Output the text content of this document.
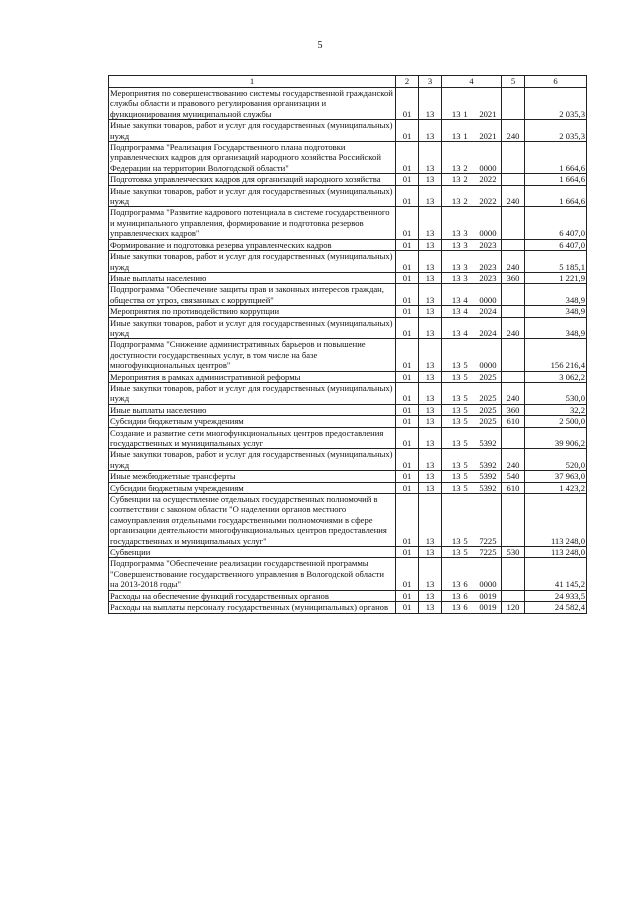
5
1	2	3	4	5	6
Мероприятия по совершенствованию системы государственной гражданской службы области и правового регулирования организации и функционирования муниципальной службы	01	13	13 1 2021		2 035,3
Иные закупки товаров, работ и услуг для государственных (муниципальных) нужд	01	13	13 1 2021	240	2 035,3
Подпрограмма "Реализация Государственного плана подготовки управленческих кадров для организаций народного хозяйства Российской Федерации на территории Вологодской области"	01	13	13 2 0000		1 664,6
Подготовка управленческих кадров для организаций народного хозяйства	01	13	13 2 2022		1 664,6
Иные закупки товаров, работ и услуг для государственных (муниципальных) нужд	01	13	13 2 2022	240	1 664,6
Подпрограмма "Развитие кадрового потенциала в системе государственного и муниципального управления, формирование и подготовка резервов управленческих кадров"	01	13	13 3 0000		6 407,0
Формирование и подготовка резерва управленческих кадров	01	13	13 3 2023		6 407,0
Иные закупки товаров, работ и услуг для государственных (муниципальных) нужд	01	13	13 3 2023	240	5 185,1
Иные выплаты населению	01	13	13 3 2023	360	1 221,9
Подпрограмма "Обеспечение защиты прав и законных интересов граждан, общества от угроз, связанных с коррупцией"	01	13	13 4 0000		348,9
Мероприятия по противодействию коррупции	01	13	13 4 2024		348,9
Иные закупки товаров, работ и услуг для государственных (муниципальных) нужд	01	13	13 4 2024	240	348,9
Подпрограмма "Снижение административных барьеров и повышение доступности государственных услуг, в том числе на базе многофункциональных центров"	01	13	13 5 0000		156 216,4
Мероприятия в рамках административной реформы	01	13	13 5 2025		3 062,2
Иные закупки товаров, работ и услуг для государственных (муниципальных) нужд	01	13	13 5 2025	240	530,0
Иные выплаты населению	01	13	13 5 2025	360	32,2
Субсидии бюджетным учреждениям	01	13	13 5 2025	610	2 500,0
Создание и развитие сети многофункциональных центров предоставления государственных и муниципальных услуг	01	13	13 5 5392		39 906,2
Иные закупки товаров, работ и услуг для государственных (муниципальных) нужд	01	13	13 5 5392	240	520,0
Иные межбюджетные трансферты	01	13	13 5 5392	540	37 963,0
Субсидии бюджетным учреждениям	01	13	13 5 5392	610	1 423,2
Субвенции на осуществление отдельных государственных полномочий в соответствии с законом области "О наделении органов местного самоуправления отдельными государственными полномочиями в сфере организации деятельности многофункциональных центров предоставления государственных и муниципальных услуг"	01	13	13 5 7225		113 248,0
Субвенции	01	13	13 5 7225	530	113 248,0
Подпрограмма "Обеспечение реализации государственной программы "Совершенствование государственного управления в Вологодской области на 2013-2018 годы"	01	13	13 6 0000		41 145,2
Расходы на обеспечение функций государственных органов	01	13	13 6 0019		24 933,5
Расходы на выплаты персоналу государственных (муниципальных) органов	01	13	13 6 0019	120	24 582,4
